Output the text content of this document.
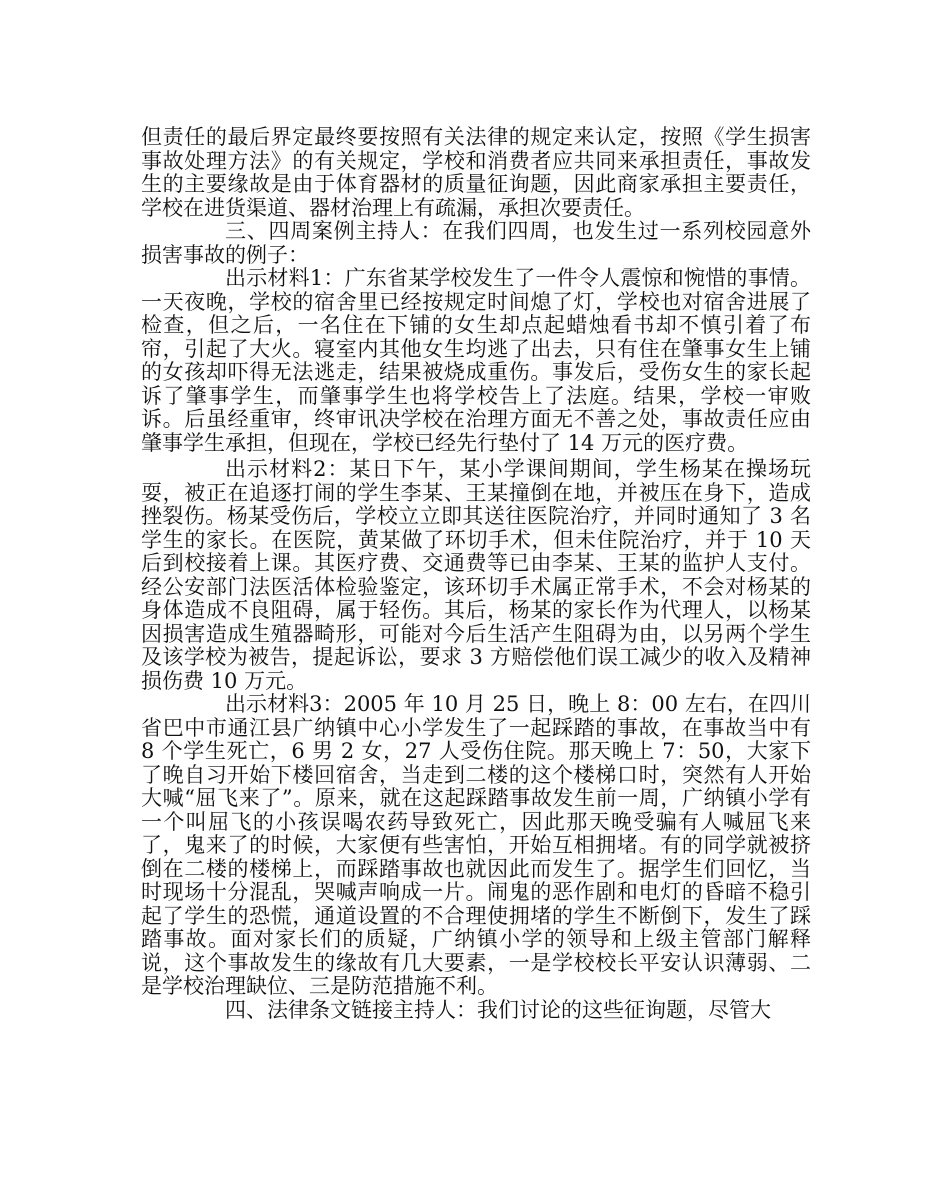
但责任的最后界定最终要按照有关法律的规定来认定，按照《学生损害事故处理方法》的有关规定，学校和消费者应共同来承担责任，事故发生的主要缘故是由于体育器材的质量征询题，因此商家承担主要责任，学校在进货渠道、器材治理上有疏漏，承担次要责任。

三、四周案例主持人：在我们四周，也发生过一系列校园意外损害事故的例子：

出示材料1：广东省某学校发生了一件令人震惊和惋惜的事情。一天夜晚，学校的宿舍里已经按规定时间熄了灯，学校也对宿舍进展了检查，但之后，一名住在下铺的女生却点起蜡烛看书却不慎引着了布帘，引起了大火。寝室内其他女生均逃了出去，只有住在肇事女生上铺的女孩却吓得无法逃走，结果被烧成重伤。事发后，受伤女生的家长起诉了肇事学生，而肇事学生也将学校告上了法庭。结果，学校一审败诉。后虽经重审，终审讯决学校在治理方面无不善之处，事故责任应由肇事学生承担，但现在，学校已经先行垫付了 14 万元的医疗费。

出示材料2：某日下午，某小学课间期间，学生杨某在操场玩耍，被正在追逐打闹的学生李某、王某撞倒在地，并被压在身下，造成挫裂伤。杨某受伤后，学校立立即其送往医院治疗，并同时通知了 3 名学生的家长。在医院，黄某做了环切手术，但未住院治疗，并于 10 天后到校接着上课。其医疗费、交通费等已由李某、王某的监护人支付。经公安部门法医活体检验鉴定，该环切手术属正常手术，不会对杨某的身体造成不良阻碍，属于轻伤。其后，杨某的家长作为代理人，以杨某因损害造成生殖器畸形，可能对今后生活产生阻碍为由，以另两个学生及该学校为被告，提起诉讼，要求 3 方赔偿他们误工减少的收入及精神损伤费 10 万元。

出示材料3：2005 年 10 月 25 日，晚上 8：00 左右，在四川省巴中市通江县广纳镇中心小学发生了一起踩踏的事故，在事故当中有 8 个学生死亡，6 男 2 女，27 人受伤住院。那天晚上 7：50，大家下了晚自习开始下楼回宿舍，当走到二楼的这个楼梯口时，突然有人开始大喊“屈飞来了”。原来，就在这起踩踏事故发生前一周，广纳镇小学有一个叫屈飞的小孩误喝农药导致死亡，因此那天晚受骗有人喊屈飞来了，鬼来了的时候，大家便有些害怕，开始互相拥堵。有的同学就被挤倒在二楼的楼梯上，而踩踏事故也就因此而发生了。据学生们回忆，当时现场十分混乱，哭喊声响成一片。闹鬼的恶作剧和电灯的昏暗不稳引起了学生的恐慌，通道设置的不合理使拥堵的学生不断倒下，发生了踩踏事故。面对家长们的质疑，广纳镇小学的领导和上级主管部门解释说，这个事故发生的缘故有几大要素，一是学校校长平安认识薄弱、二是学校治理缺位、三是防范措施不利。

四、法律条文链接主持人：我们讨论的这些征询题，尽管大
